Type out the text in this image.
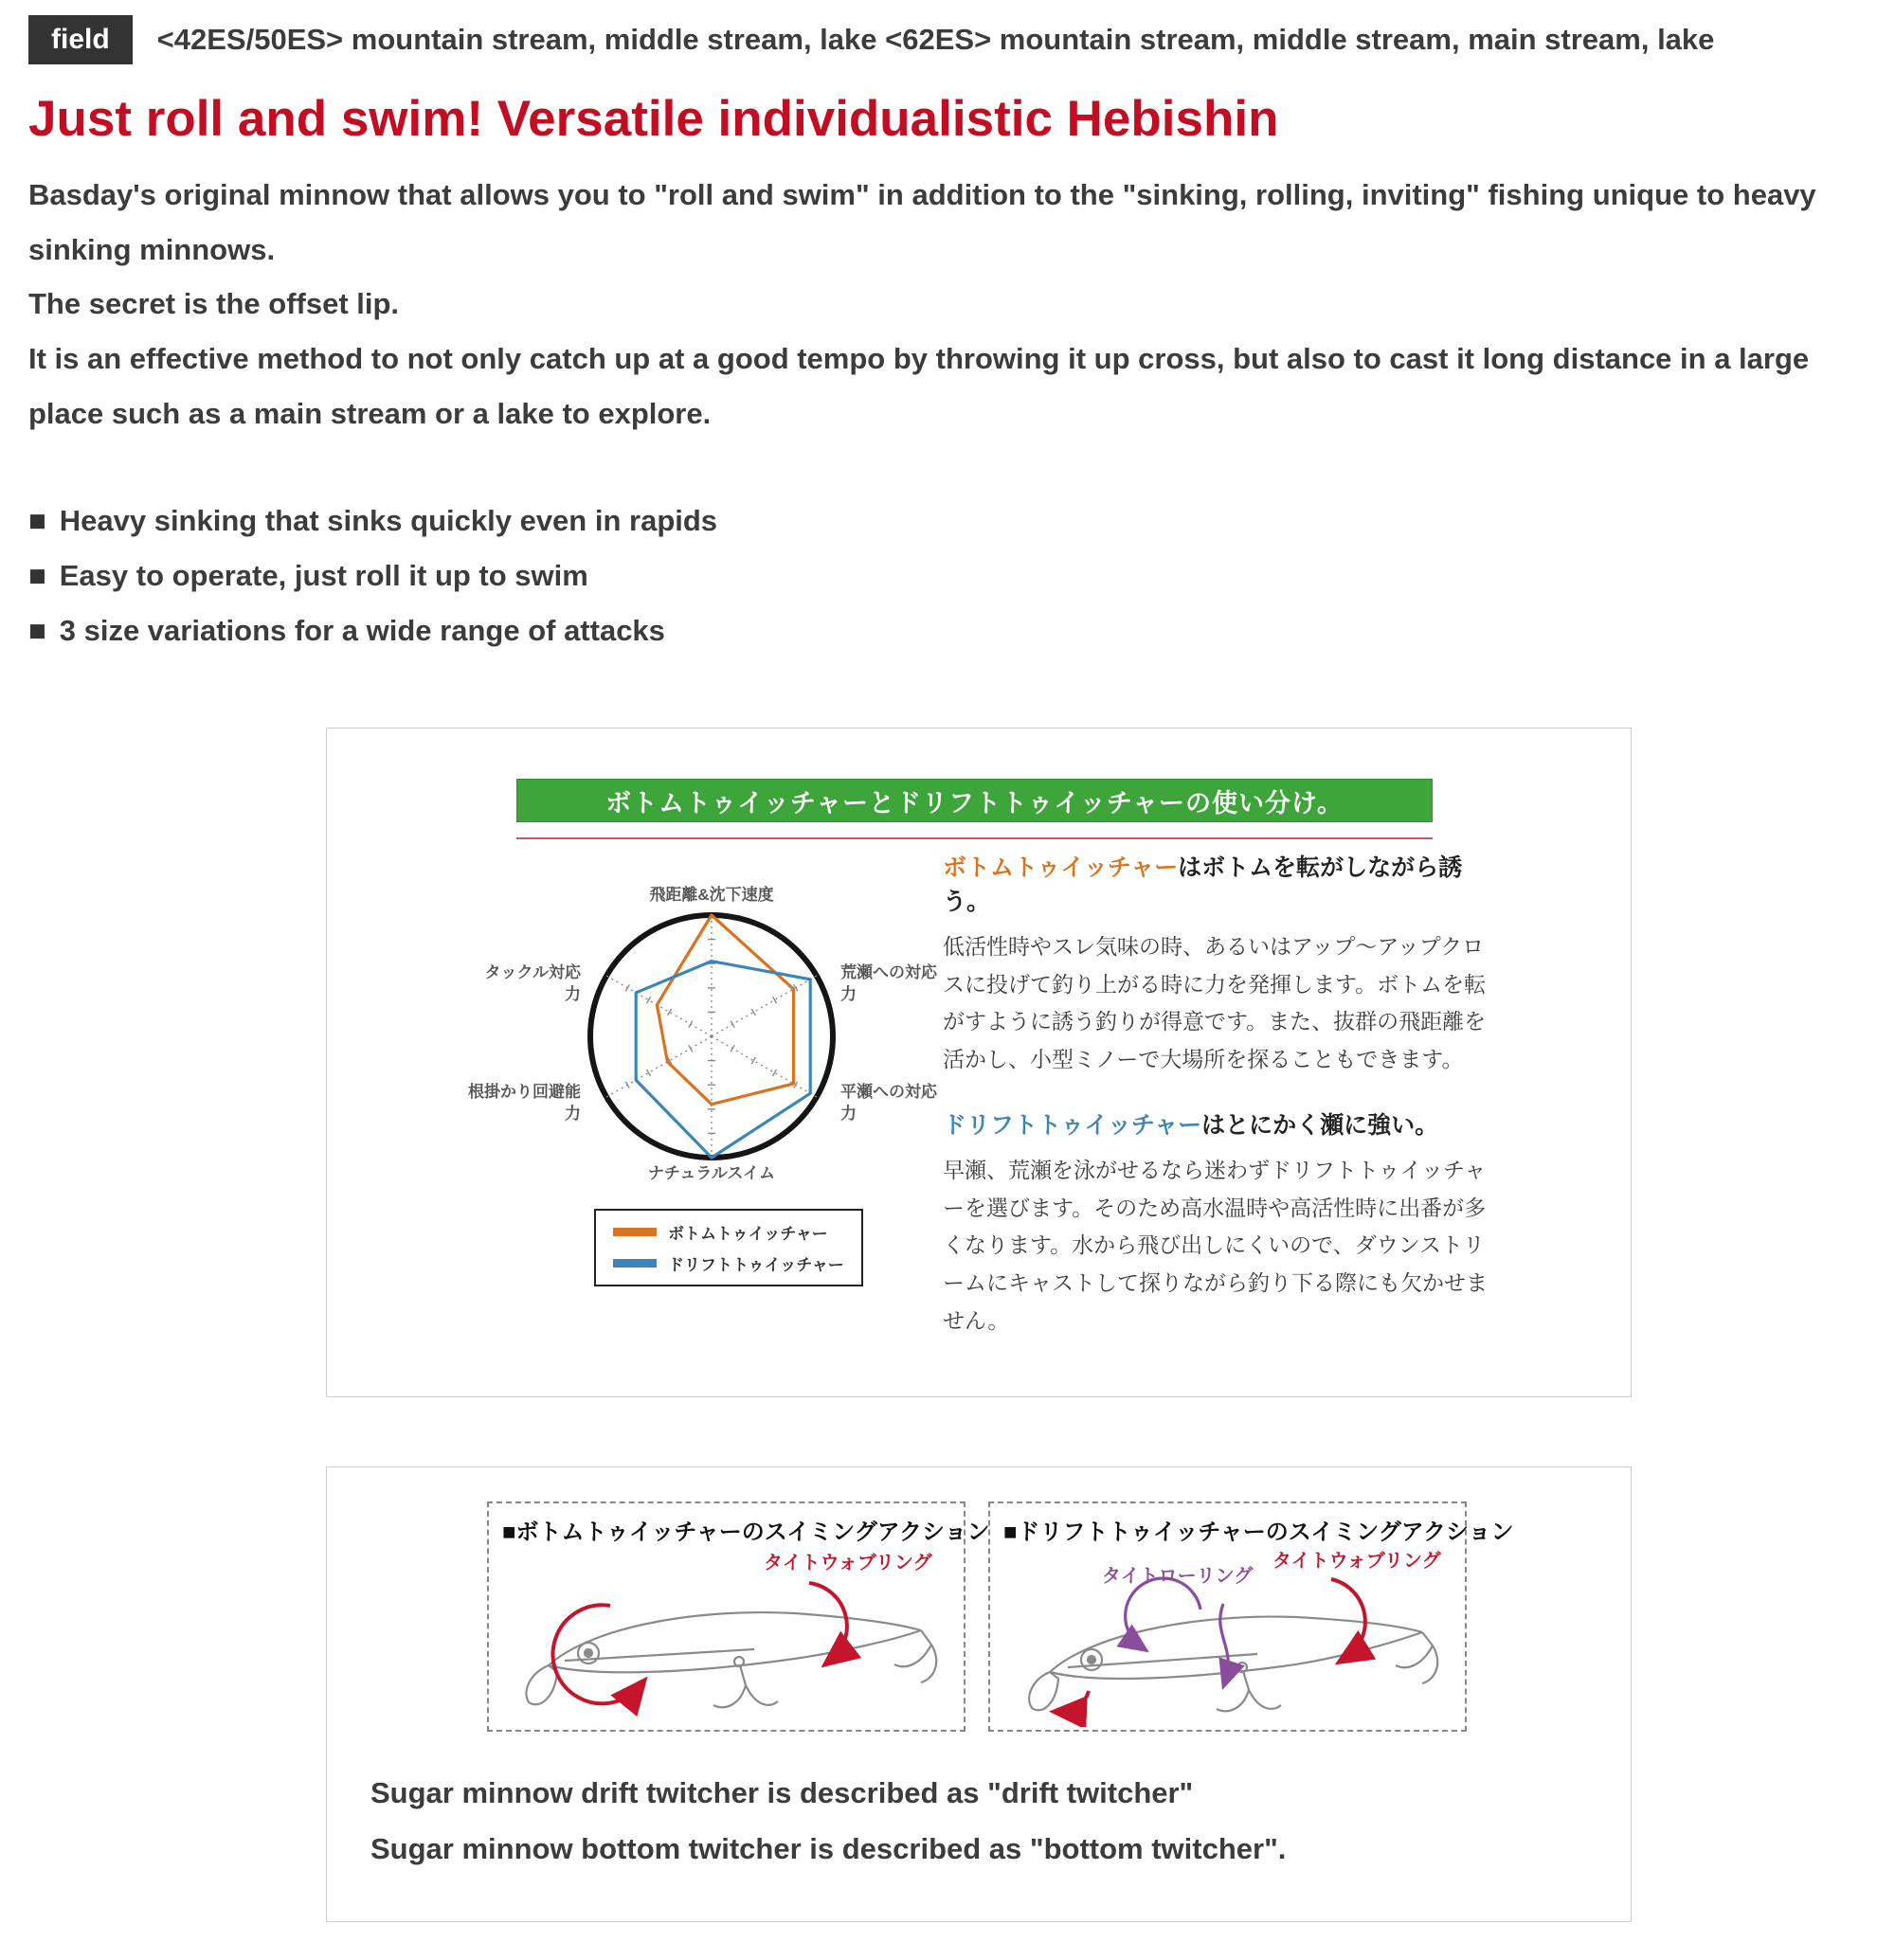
field	<42ES/50ES> mountain stream, middle stream, lake <62ES> mountain stream, middle stream, main stream, lake
Just roll and swim! Versatile individualistic Hebishin

Basday's original minnow that allows you to "roll and swim" in addition to the "sinking, rolling, inviting" fishing unique to heavy sinking minnows.

The secret is the offset lip.

It is an effective method to not only catch up at a good tempo by throwing it up cross, but also to cast it long distance in a large place such as a main stream or a lake to explore.

■
Heavy sinking that sinks quickly even in rapids
■
Easy to operate, just roll it up to swim
■
3 size variations for a wide range of attacks
ボトムトゥイッチャーとドリフトトゥイッチャーの使い分け。
飛距離&沈下速度
荒瀬への対応力
平瀬への対応力
ナチュラルスイム
根掛かり回避能力
タックル対応力
ボトムトゥイッチャー
ドリフトトゥイッチャー

ボトムトゥイッチャーはボトムを転がしながら誘う。

低活性時やスレ気味の時、あるいはアップ～アップクロスに投げて釣り上がる時に力を発揮します。ボトムを転がすように誘う釣りが得意です。また、抜群の飛距離を活かし、小型ミノーで大場所を探ることもできます。

ドリフトトゥイッチャーはとにかく瀬に強い。

早瀬、荒瀬を泳がせるなら迷わずドリフトトゥイッチャーを選びます。そのため高水温時や高活性時に出番が多くなります。水から飛び出しにくいので、ダウンストリームにキャストして探りながら釣り下る際にも欠かせません。

■ボトムトゥイッチャーのスイミングアクション
タイトウォブリング
■ドリフトトゥイッチャーのスイミングアクション
タイトローリング
タイトウォブリング

Sugar minnow drift twitcher is described as "drift twitcher"

Sugar minnow bottom twitcher is described as "bottom twitcher".
